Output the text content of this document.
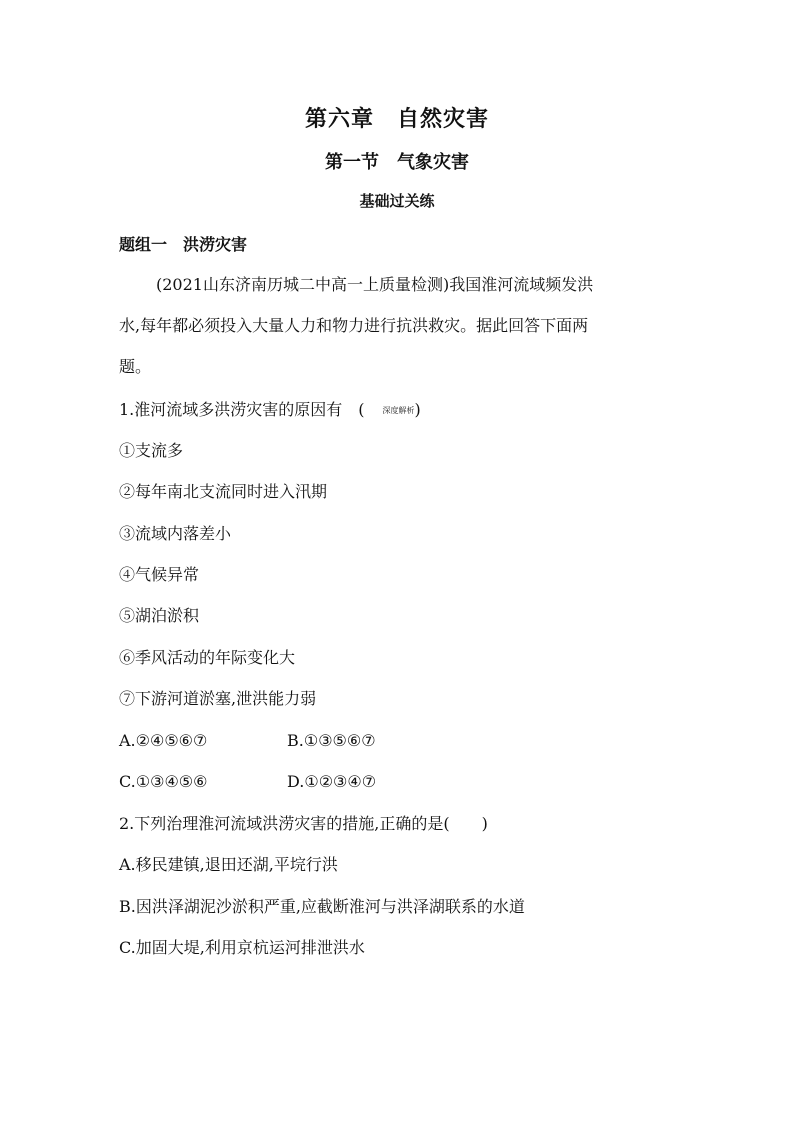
第六章　自然灾害
第一节　气象灾害
基础过关练
题组一　洪涝灾害
(2021山东济南历城二中高一上质量检测)我国淮河流域频发洪
水,每年都必须投入大量人力和物力进行抗洪救灾。据此回答下面两
题。
1.淮河流域多洪涝灾害的原因有　( 深度解析)
①支流多
②每年南北支流同时进入汛期
③流域内落差小
④气候异常
⑤湖泊淤积
⑥季风活动的年际变化大
⑦下游河道淤塞,泄洪能力弱
A.②④⑤⑥⑦	B.①③⑤⑥⑦
C.①③④⑤⑥	D.①②③④⑦
2.下列治理淮河流域洪涝灾害的措施,正确的是(　　)
A.移民建镇,退田还湖,平垸行洪
B.因洪泽湖泥沙淤积严重,应截断淮河与洪泽湖联系的水道
C.加固大堤,利用京杭运河排泄洪水
